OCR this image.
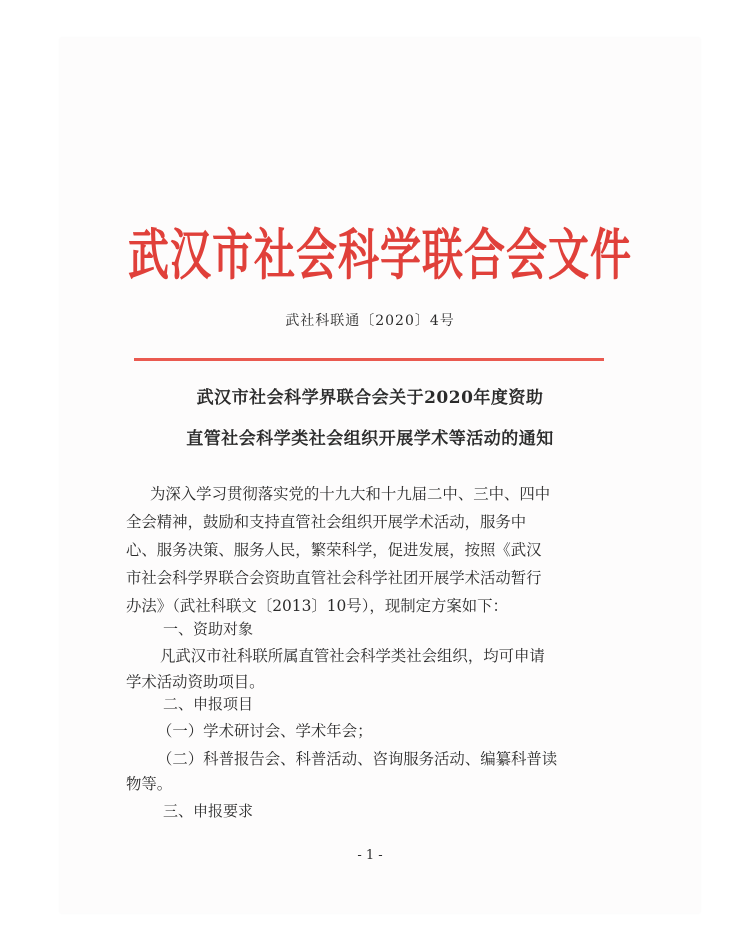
武汉市社会科学联合会文件
武社科联通〔2020〕4号
武汉市社会科学界联合会关于2020年度资助
直管社会科学类社会组织开展学术等活动的通知
为深入学习贯彻落实党的十九大和十九届二中、三中、四中
全会精神，鼓励和支持直管社会组织开展学术活动，服务中
心、服务决策、服务人民，繁荣科学，促进发展，按照《武汉
市社会科学界联合会资助直管社会科学社团开展学术活动暂行
办法》（武社科联文〔2013〕10号），现制定方案如下：
一、资助对象
凡武汉市社科联所属直管社会科学类社会组织，均可申请
学术活动资助项目。
二、申报项目
（一）学术研讨会、学术年会；
（二）科普报告会、科普活动、咨询服务活动、编纂科普读
物等。
三、申报要求
- 1 -
